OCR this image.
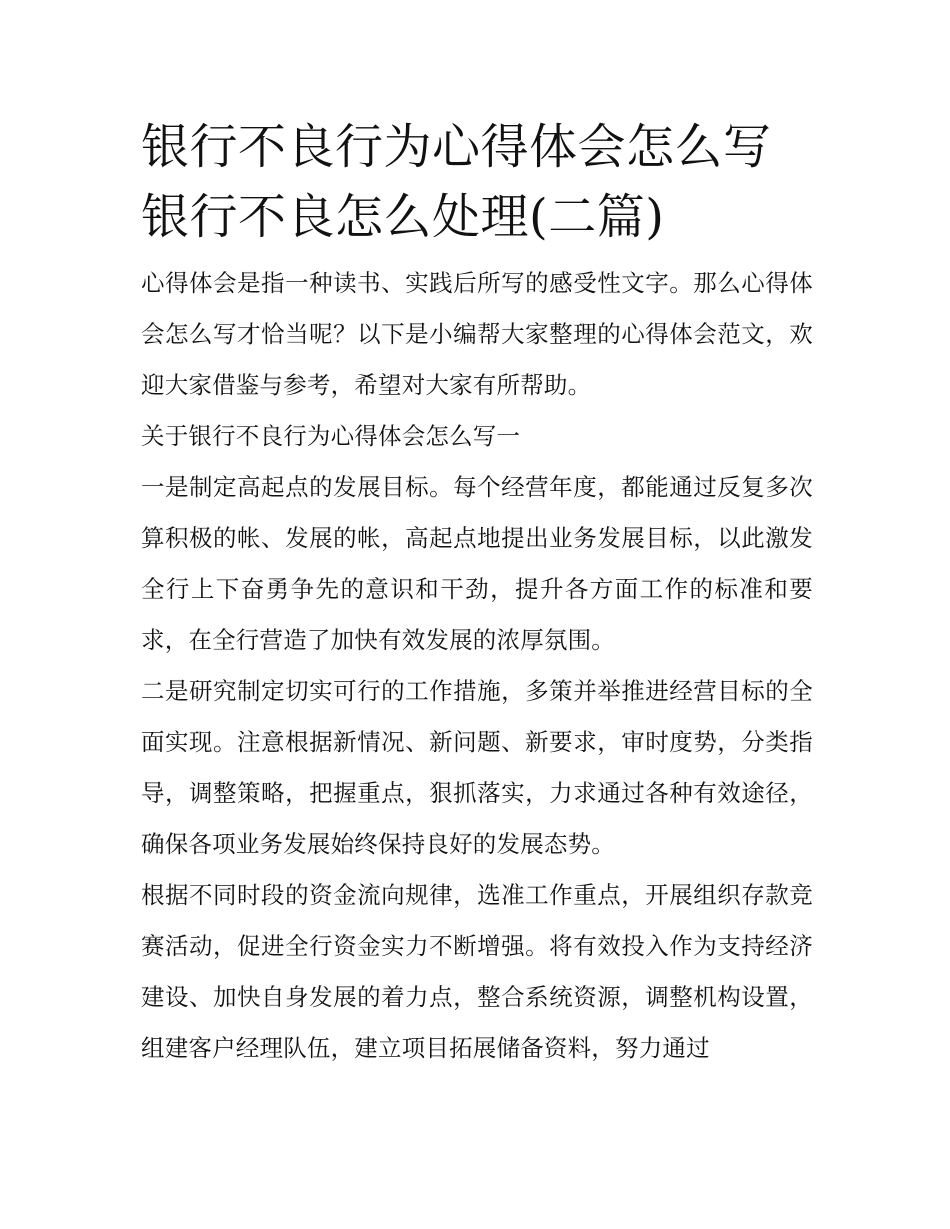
银行不良行为心得体会怎么写银行不良怎么处理(二篇)

心得体会是指一种读书、实践后所写的感受性文字。那么心得体会怎么写才恰当呢？以下是小编帮大家整理的心得体会范文，欢迎大家借鉴与参考，希望对大家有所帮助。

关于银行不良行为心得体会怎么写一

一是制定高起点的发展目标。每个经营年度，都能通过反复多次算积极的帐、发展的帐，高起点地提出业务发展目标，以此激发全行上下奋勇争先的意识和干劲，提升各方面工作的标准和要求，在全行营造了加快有效发展的浓厚氛围。

二是研究制定切实可行的工作措施，多策并举推进经营目标的全面实现。注意根据新情况、新问题、新要求，审时度势，分类指导，调整策略，把握重点，狠抓落实，力求通过各种有效途径，确保各项业务发展始终保持良好的发展态势。

根据不同时段的资金流向规律，选准工作重点，开展组织存款竞赛活动，促进全行资金实力不断增强。将有效投入作为支持经济建设、加快自身发展的着力点，整合系统资源，调整机构设置，组建客户经理队伍，建立项目拓展储备资料，努力通过
